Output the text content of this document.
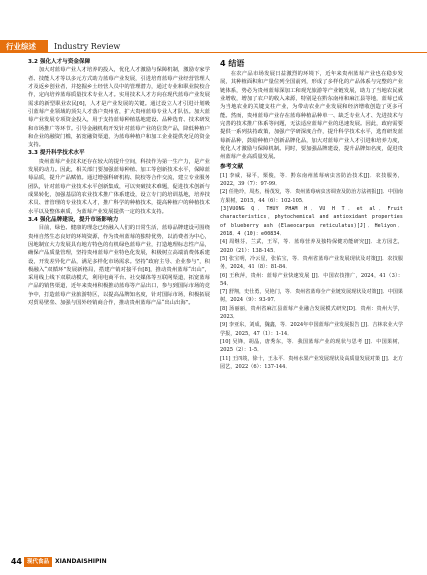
行业综述	Industry Review
3.2 强化人才与资金保障

加大对蓝莓产业人才培养的投入，优化人才激励与保障机制，激励专家学者、技能人才等以多元方式助力蓝莓产业发展，引进培育蓝莓产业经营管理人才及返乡创业者，并挖掘乡土经营人员中的管理潜力，通过专业和职业院校合作，定向培养蓝莓质量技术专业人才。实用技术人才方向在现代蓝莓产业发展需求的新型职业农民[6]，人才是产业发展的关键。通过设立人才引进计划吸引蓝莓产业领域的顶尖人才落户贵州省，扩大贵州蓝莓专业人才队伍。加大蓝莓产业发展专项资金投入，用于支持蓝莓种植基地建设、品种选育、技术研发和市场推广等环节。引导金融机构开发针对蓝莓产业的信贷产品，降低种植户和企业的融资门槛，拓宽融资渠道，为蓝莓种植户和加工企业提供充足的资金支持。

3.3 提升科学技术水平

贵州蓝莓产业技术还存在较大的提升空间，科技作为第一生产力，是产业发展的动力。因此，相关部门要加强蓝莓种植、加工等创新技术水平，保障蓝莓品质，提升产品赋值。通过增强科研机构、院校等合作交流，建立专业服务团队，针对蓝莓产业技术水平创新集成，可以突破技术难题，促进技术创新与成果转化，加强基层的农业技术推广体系建设，设立专门的培训基地，培养技术员、普管理的专业技术人才，推广科学的种植技术，提高种植户的种植技术水平以及整体素质，为蓝莓产业发展提供一定的技术支持。

3.4 强化品牌建设，提升市场影响力

目前，绿色、健康的理念已经融入人们的日常生活，蓝莓品牌建设可围绕贵州自然生态良好的环境资源，作为贵州蓝莓的独特优势，以消费者为中心，因地制宜大力发展具有地方特色的有机绿色蓝莓产业，打造地理标志性产品，确保产品质量管理，坚持贵州蓝莓产业特色化发展，积极树立高端消费体系建设，开发差异化产品，满足多样化市场需求。坚持“政府主导、企业参与”，积极融入“双循环”发展新格局，搭建产销对接平台[8]，推动贵州蓝莓“出山”，采用线上线下双联动模式，利用电商平台、社交媒体等互联网渠道，拓宽蓝莓产品的销售渠道，近年来贵州积极推动蓝莓等产品出口，参与到国际市场的竞争中，打造蓝莓产业旅游特区，以提高品牌知名度，针对国际市场，积极拓展对贸易壁垒、加强与国外经销商合作，推动贵州蓝莓产品“出山出海”。

4 结语

在农产品市场发展日益激烈的环境下，近年来贵州蓝莓产业也在稳步发展，其种植面积和产量位列全国前列，形成了多样化的产品体系与完整的产业链体系，势必为贵州蓝莓深加工和观光旅游等产业链发展，助力了当地农民就业增收，增加了农户的收入来源，特别是在黔东南州和麻江县等地，蓝莓已成为当地农业的关键支柱产业，为带动农业产业发展和经济增收创造了更多可能。然而，贵州蓝莓产业存在蓝莓种植品种单一、缺乏专业人才、先进技术与完善的技术推广体系等问题，无法适应蓝莓产业的迅速发展。因此，政府需要提供一系列扶持政策，加强产学研深度合作，提升科学技术水平，选育研发蓝莓新品种，鼓励种植户创新品牌化品，加大对蓝莓产业人才引进和培养力度，优化人才激励与保障机制。同时，要加强品牌建设，提升品牌知名度，促进贵州蓝莓产业高质量发展。

参考文献
[1] 李威，禄平，栗俊，等．黔东南州蓝莓病虫害防治技术[J]．农技服务，2022，39（7）：97-99．
[2] 任艳玲，周杰，杨茂发，等．贵州蓝莓病虫害调查及防治方法初报[J]．中国南方果树，2015，44（6）：102-105．
[3]VUONG Q．THUY PHAM H．VU H T．et al．Fruit characteristics，phytochemical and antioxidant properties of blueberry ash (Elaeocarpus reticulatus)[J]．Heliyon．2018．4 (10)：e00834．
[4] 周继芬，兰武，王军，等．蓝莓营养及独特保健功能研究[J]．北方园艺，2020（21）：138-145．
[5] 张宝明，冷云星，张佑宝，等．贵州省蓝莓产业发展现状及对策[J]．农技服务，2024，41（8）：81-84．
[6] 王秋萍，贵州：蓝莓产业快速发展 [J]．中国农技推广，2024，41（3）：54．
[7] 舒翔，史仕勇，吴艳门，等．贵州省蓝莓全产业链发展现状及对策[J]．中国果树，2024（9）：93-97．
[8] 汤丽丽，贵州省麻江县蓝莓产业融合发展模式研究[D]．贵州：贵州大学，2023．
[9] 李亚东，刘成，魏鑫，等．2024年中国蓝莓产业发展报告 [J]．吉林农业大学学报，2025，47（1）：1-14．
[10] 吴锋，胡晶，唐秀东，等．我国蓝莓产业的现状与思考 [J]．中国果树，2025（2）：1-5．
[11] 王四竣，徐十，王永平．贵州水果产业发展现状及高质量发展对策 [J]．北方园艺，2022（6）：137-144．
44 现代食品	XIANDAISHIPIN
